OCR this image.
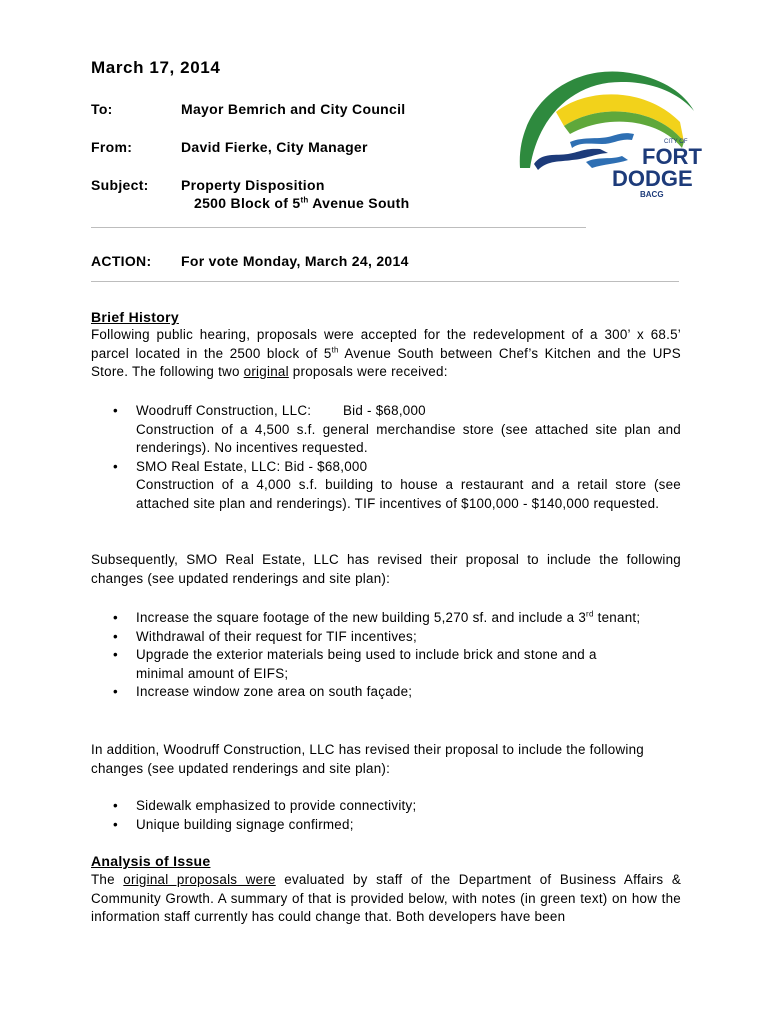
March 17, 2014
To:	Mayor Bemrich and City Council
From:	David Fierke, City Manager
Subject: Property Disposition
2500 Block of 5th Avenue South
ACTION: For vote Monday, March 24, 2014
CITY OF
FORT
DODGE
BACG
Brief History
Following public hearing, proposals were accepted for the redevelopment of a 300’ x 68.5’ parcel located in the 2500 block of 5th Avenue South between Chef’s Kitchen and the UPS Store. The following two original proposals were received:
• Woodruff Construction, LLC:        Bid - $68,000
Construction of a 4,500 s.f. general merchandise store (see attached site plan and renderings). No incentives requested.
• SMO Real Estate, LLC: Bid - $68,000
Construction of a 4,000 s.f. building to house a restaurant and a retail store (see attached site plan and renderings). TIF incentives of $100,000 - $140,000 requested.
Subsequently, SMO Real Estate, LLC has revised their proposal to include the following changes (see updated renderings and site plan):
• Increase the square footage of the new building 5,270 sf. and include a 3rd tenant;
• Withdrawal of their request for TIF incentives;
• Upgrade the exterior materials being used to include brick and stone and a minimal amount of EIFS;
• Increase window zone area on south façade;
In addition, Woodruff Construction, LLC has revised their proposal to include the following changes (see updated renderings and site plan):
• Sidewalk emphasized to provide connectivity;
• Unique building signage confirmed;
Analysis of Issue
The original proposals were evaluated by staff of the Department of Business Affairs & Community Growth. A summary of that is provided below, with notes (in green text) on how the information staff currently has could change that. Both developers have been
